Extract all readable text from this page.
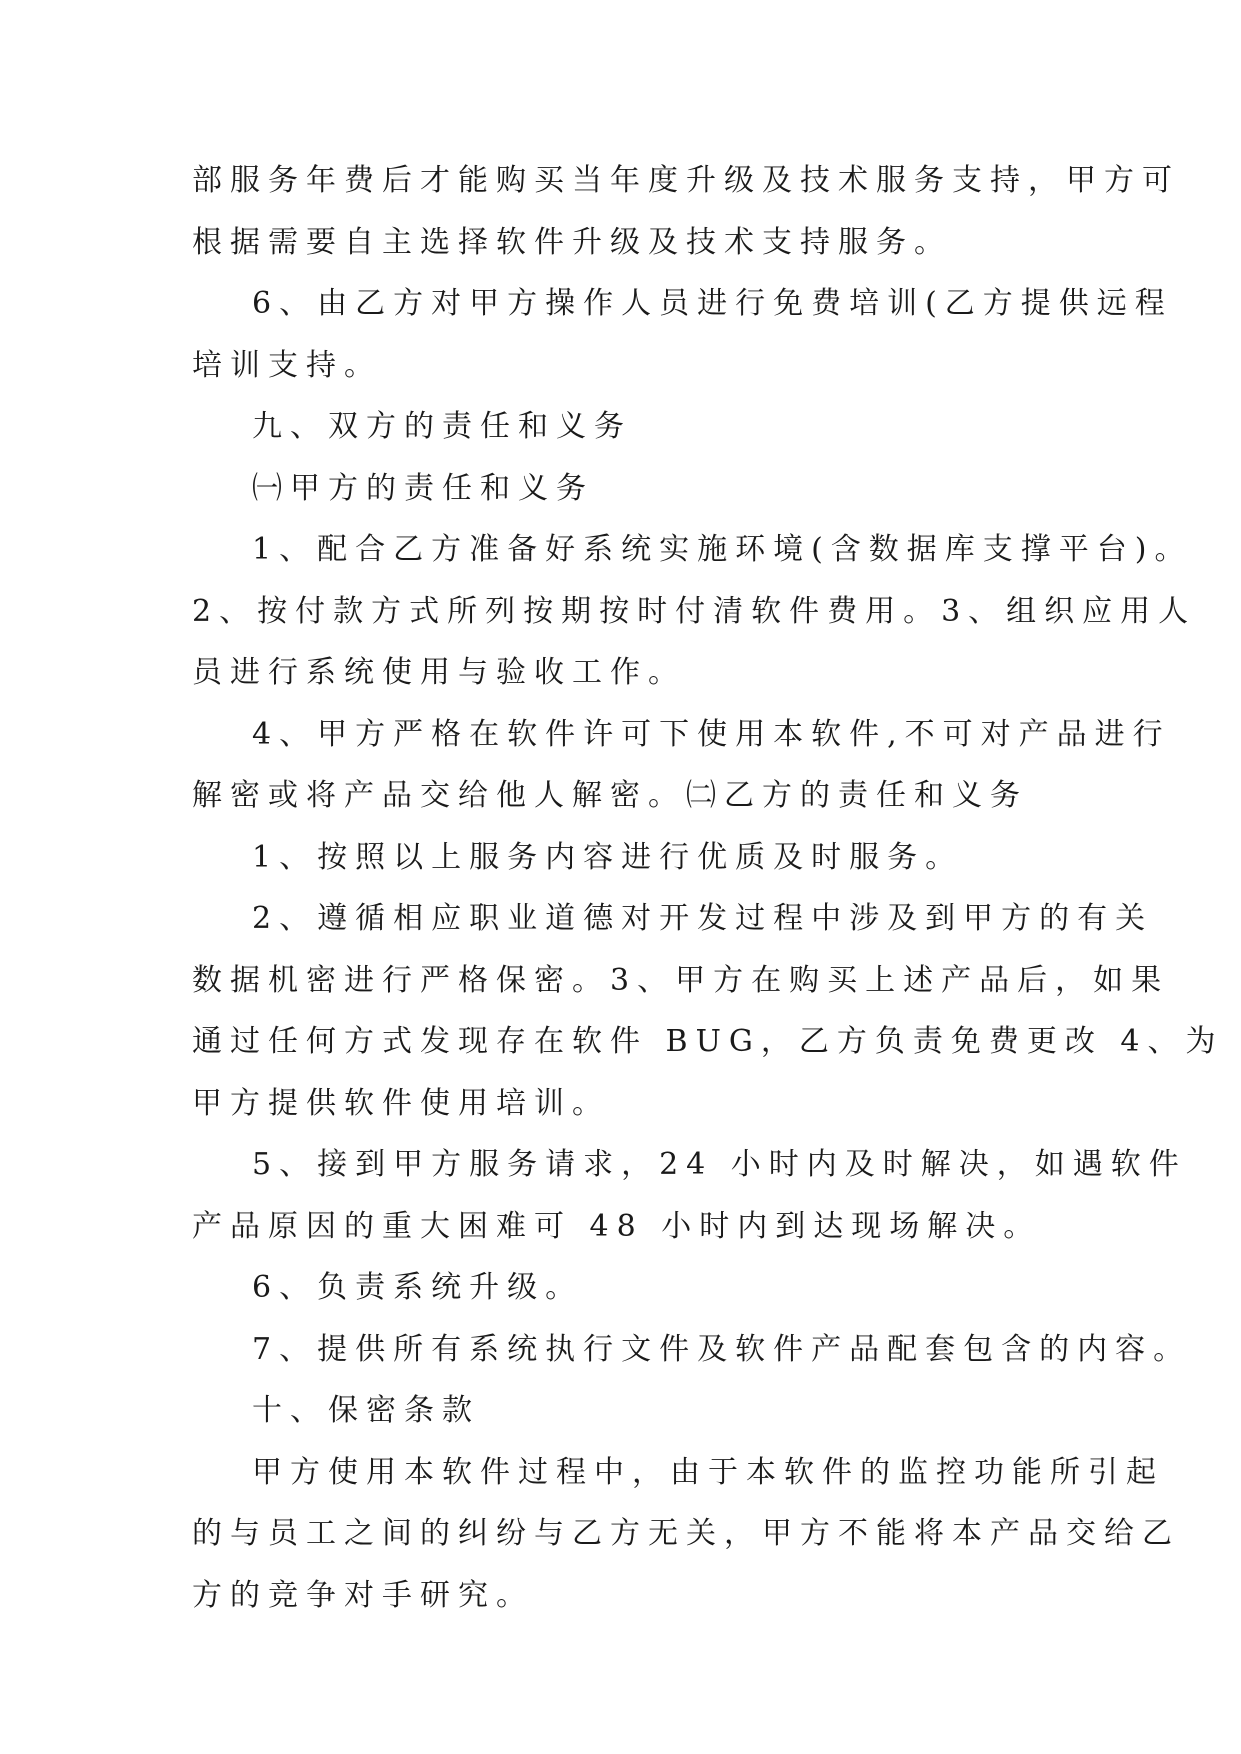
部服务年费后才能购买当年度升级及技术服务支持，甲方可
根据需要自主选择软件升级及技术支持服务。
6、由乙方对甲方操作人员进行免费培训(乙方提供远程
培训支持。
九、双方的责任和义务
㈠甲方的责任和义务
1、配合乙方准备好系统实施环境(含数据库支撑平台)。
2、按付款方式所列按期按时付清软件费用。3、组织应用人
员进行系统使用与验收工作。
4、甲方严格在软件许可下使用本软件,不可对产品进行
解密或将产品交给他人解密。㈡乙方的责任和义务
1、按照以上服务内容进行优质及时服务。
2、遵循相应职业道德对开发过程中涉及到甲方的有关
数据机密进行严格保密。3、甲方在购买上述产品后，如果
通过任何方式发现存在软件 BUG，乙方负责免费更改 4、为
甲方提供软件使用培训。
5、接到甲方服务请求，24 小时内及时解决，如遇软件
产品原因的重大困难可 48 小时内到达现场解决。
6、负责系统升级。
7、提供所有系统执行文件及软件产品配套包含的内容。
十、保密条款
甲方使用本软件过程中，由于本软件的监控功能所引起
的与员工之间的纠纷与乙方无关，甲方不能将本产品交给乙
方的竞争对手研究。
